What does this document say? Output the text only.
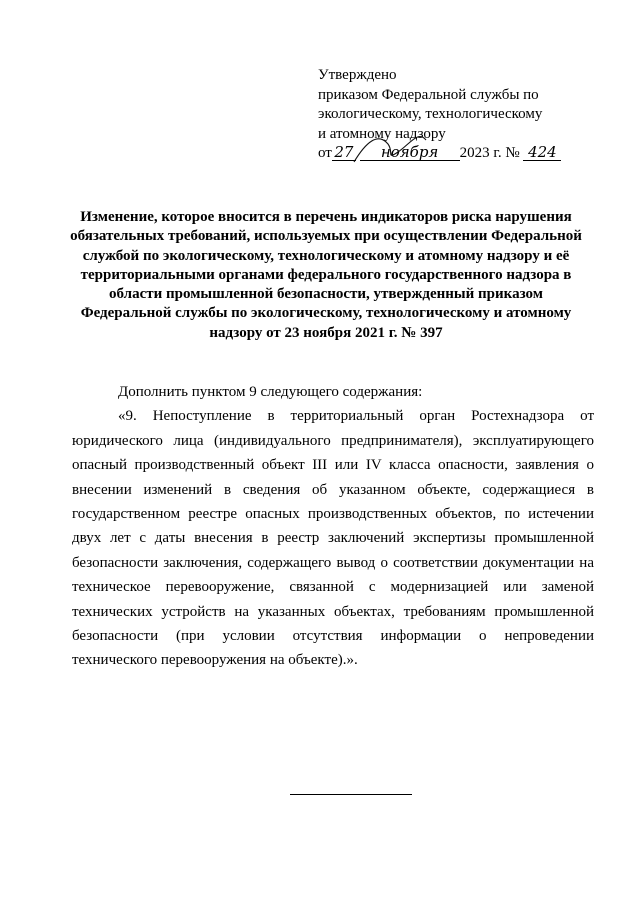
Утверждено
приказом Федеральной службы по
экологическому, технологическому
и атомному надзору
от 27 ноября 2023 г. № 424
Изменение, которое вносится в перечень индикаторов риска нарушения обязательных требований, используемых при осуществлении Федеральной службой по экологическому, технологическому и атомному надзору и её территориальными органами федерального государственного надзора в области промышленной безопасности, утвержденный приказом Федеральной службы по экологическому, технологическому и атомному надзору от 23 ноября 2021 г. № 397

Дополнить пунктом 9 следующего содержания:

«9. Непоступление в территориальный орган Ростехнадзора от юридического лица (индивидуального предпринимателя), эксплуатирующего опасный производственный объект III или IV класса опасности, заявления о внесении изменений в сведения об указанном объекте, содержащиеся в государственном реестре опасных производственных объектов, по истечении двух лет с даты внесения в реестр заключений экспертизы промышленной безопасности заключения, содержащего вывод о соответствии документации на техническое перевооружение, связанной с модернизацией или заменой технических устройств на указанных объектах, требованиям промышленной безопасности (при условии отсутствия информации о непроведении технического перевооружения на объекте).».
